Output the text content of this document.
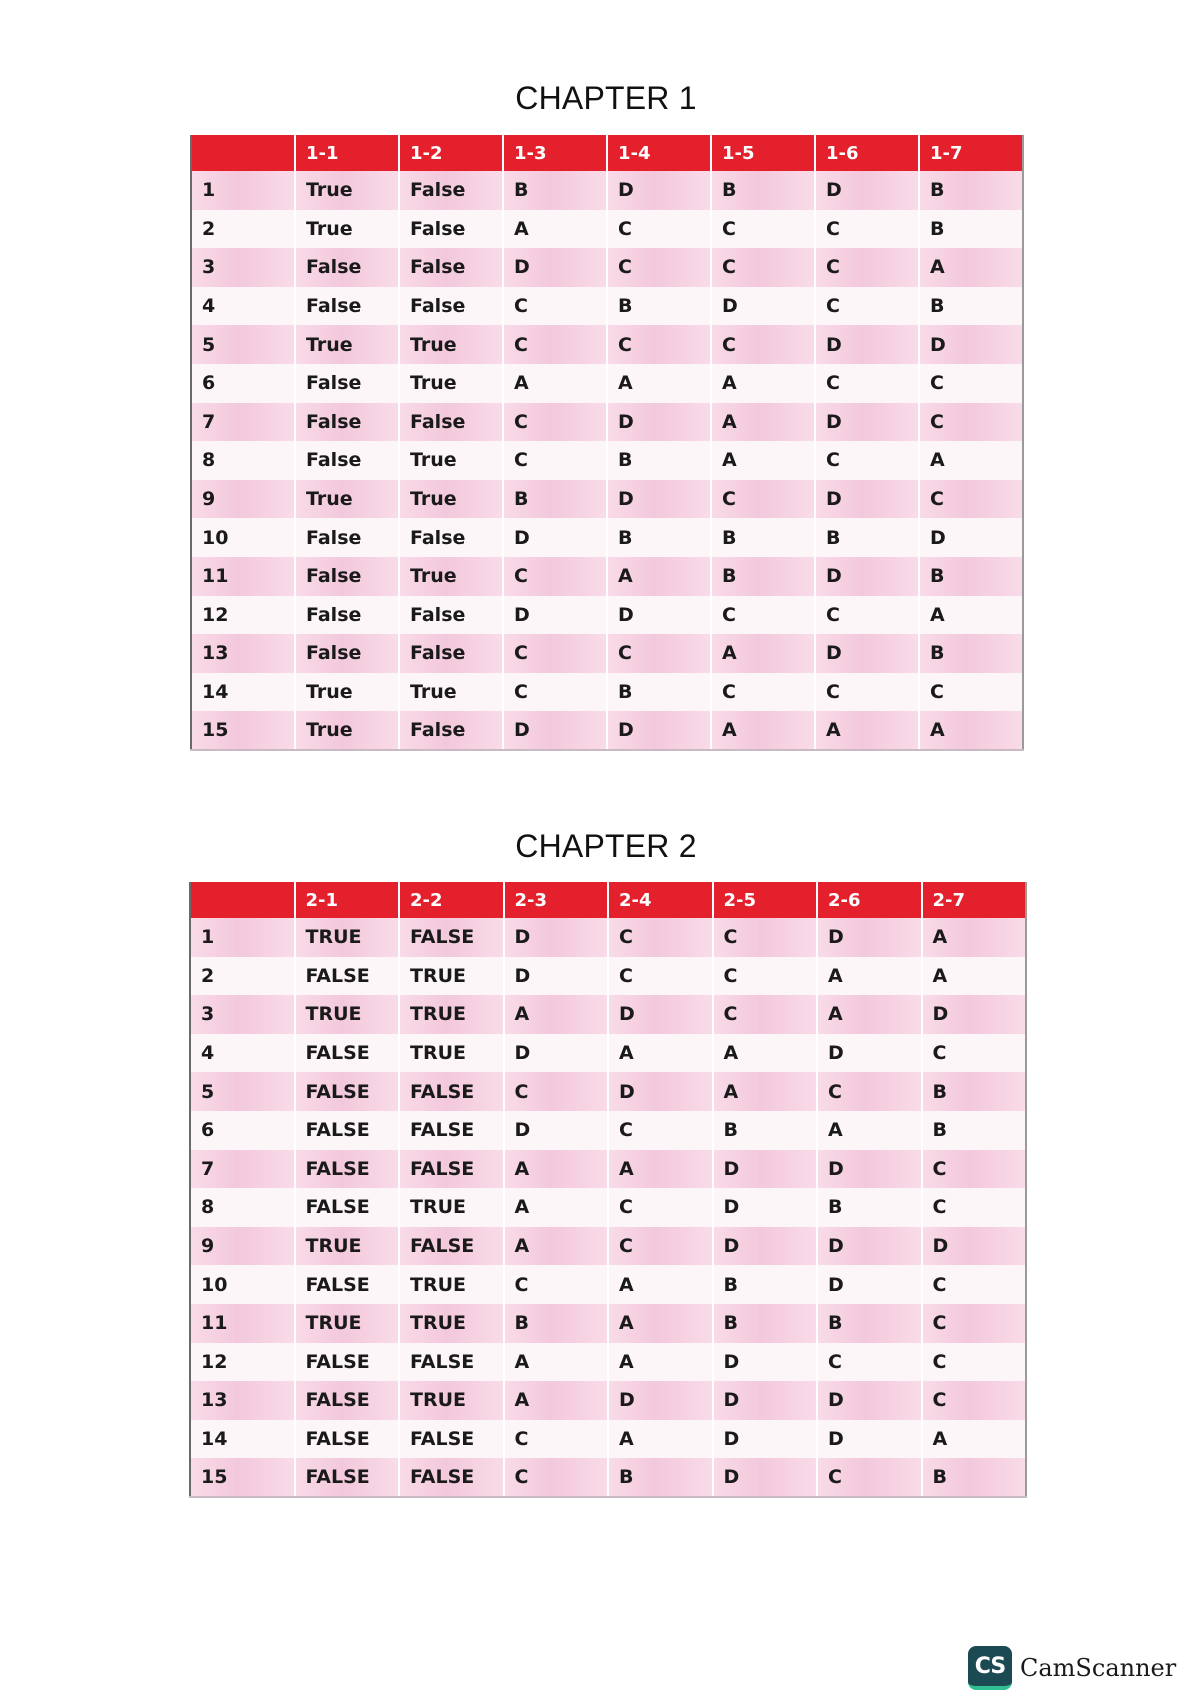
CHAPTER 1
	1-1	1-2	1-3	1-4	1-5	1-6	1-7
1	True	False	B	D	B	D	B
2	True	False	A	C	C	C	B
3	False	False	D	C	C	C	A
4	False	False	C	B	D	C	B
5	True	True	C	C	C	D	D
6	False	True	A	A	A	C	C
7	False	False	C	D	A	D	C
8	False	True	C	B	A	C	A
9	True	True	B	D	C	D	C
10	False	False	D	B	B	B	D
11	False	True	C	A	B	D	B
12	False	False	D	D	C	C	A
13	False	False	C	C	A	D	B
14	True	True	C	B	C	C	C
15	True	False	D	D	A	A	A
CHAPTER 2
	2-1	2-2	2-3	2-4	2-5	2-6	2-7
1	TRUE	FALSE	D	C	C	D	A
2	FALSE	TRUE	D	C	C	A	A
3	TRUE	TRUE	A	D	C	A	D
4	FALSE	TRUE	D	A	A	D	C
5	FALSE	FALSE	C	D	A	C	B
6	FALSE	FALSE	D	C	B	A	B
7	FALSE	FALSE	A	A	D	D	C
8	FALSE	TRUE	A	C	D	B	C
9	TRUE	FALSE	A	C	D	D	D
10	FALSE	TRUE	C	A	B	D	C
11	TRUE	TRUE	B	A	B	B	C
12	FALSE	FALSE	A	A	D	C	C
13	FALSE	TRUE	A	D	D	D	C
14	FALSE	FALSE	C	A	D	D	A
15	FALSE	FALSE	C	B	D	C	B
CS CamScanner
